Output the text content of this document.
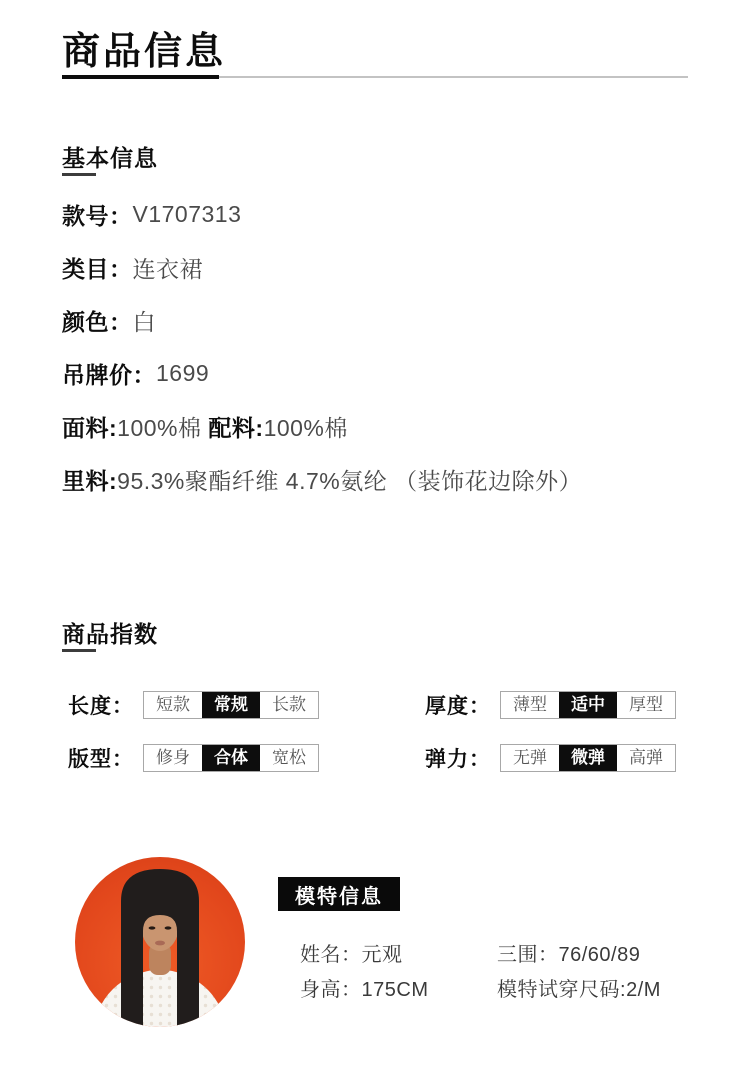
商品信息
基本信息
款号： V1707313
类目： 连衣裙
颜色： 白
吊牌价： 1699
面料: 100%棉 配料: 100%棉
里料: 95.3%聚酯纤维 4.7%氨纶 （装饰花边除外）
商品指数
长度：	短款	常规	长款	厚度：	薄型	适中	厚型
版型：	修身	合体	宽松	弹力：	无弹	微弹	高弹
模特信息
姓名：元观	三围：76/60/89
身高：175CM	模特试穿尺码:2/M
